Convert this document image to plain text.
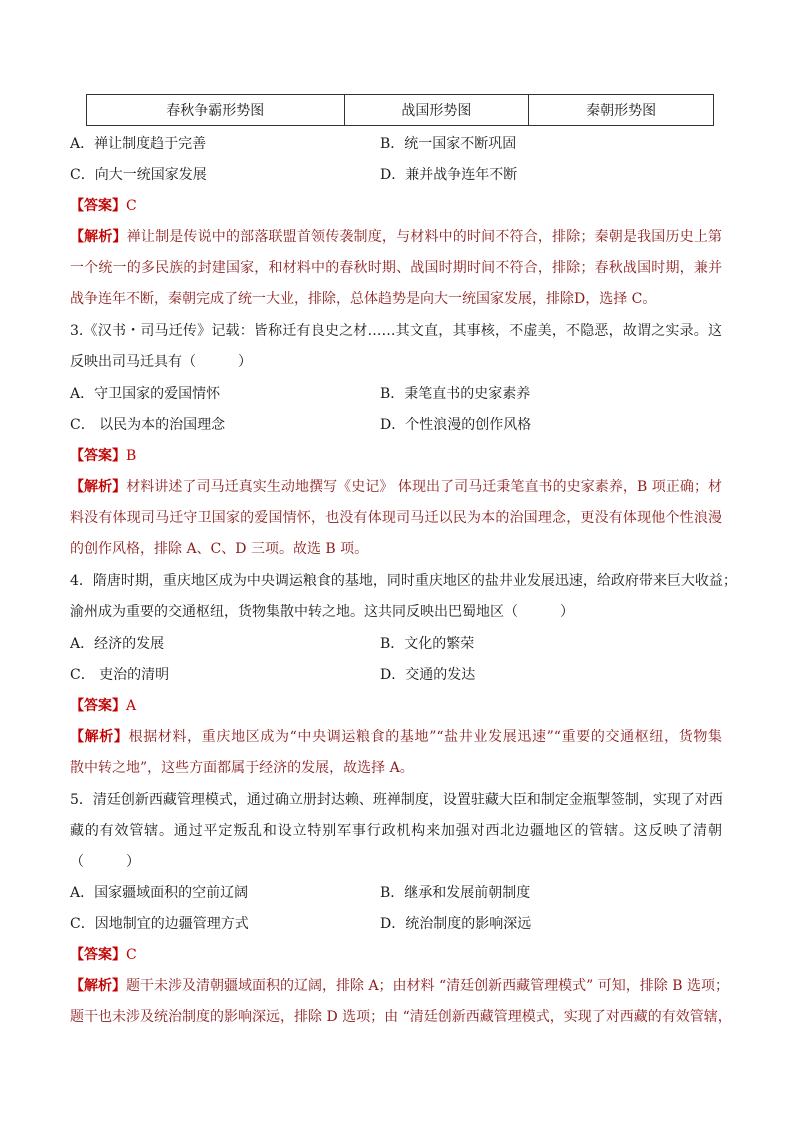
春秋争霸形势图	战国形势图	秦朝形势图
A．禅让制度趋于完善	B．统一国家不断巩固
C．向大一统国家发展	D．兼并战争连年不断
【答案】C
【解析】禅让制是传说中的部落联盟首领传袭制度，与材料中的时间不符合，排除；秦朝是我国历史上第
一个统一的多民族的封建国家，和材料中的春秋时期、战国时期时间不符合，排除；春秋战国时期，兼并
战争连年不断，秦朝完成了统一大业，排除，总体趋势是向大一统国家发展，排除D，选择 C。
3.《汉书・司马迁传》记载：皆称迁有良史之材……其文直，其事核，不虚美，不隐恶，故谓之实录。这
反映出司马迁具有（　　　）
A．守卫国家的爱国情怀	B．秉笔直书的史家素养
C． 以民为本的治国理念	D．个性浪漫的创作风格
【答案】B
【解析】材料讲述了司马迁真实生动地撰写《史记》 体现出了司马迁秉笔直书的史家素养，B 项正确；材
料没有体现司马迁守卫国家的爱国情怀，也没有体现司马迁以民为本的治国理念，更没有体现他个性浪漫
的创作风格，排除 A、C、D 三项。故选 B 项。
4．隋唐时期，重庆地区成为中央调运粮食的基地，同时重庆地区的盐井业发展迅速，给政府带来巨大收益；
渝州成为重要的交通枢纽，货物集散中转之地。这共同反映出巴蜀地区（　　　）
A．经济的发展	B．文化的繁荣
C． 吏治的清明	D．交通的发达
【答案】A
【解析】根据材料，重庆地区成为“中央调运粮食的基地”“盐井业发展迅速”“重要的交通枢纽，货物集
散中转之地”，这些方面都属于经济的发展，故选择 A。
5．清廷创新西藏管理模式，通过确立册封达赖、班禅制度，设置驻藏大臣和制定金瓶掣签制，实现了对西
藏的有效管辖。通过平定叛乱和设立特别军事行政机构来加强对西北边疆地区的管辖。这反映了清朝
（　　　）
A．国家疆域面积的空前辽阔	B．继承和发展前朝制度
C．因地制宜的边疆管理方式	D．统治制度的影响深远
【答案】C
【解析】题干未涉及清朝疆域面积的辽阔，排除 A；由材料 “清廷创新西藏管理模式” 可知，排除 B 选项；
题干也未涉及统治制度的影响深远，排除 D 选项；由 “清廷创新西藏管理模式，实现了对西藏的有效管辖，
